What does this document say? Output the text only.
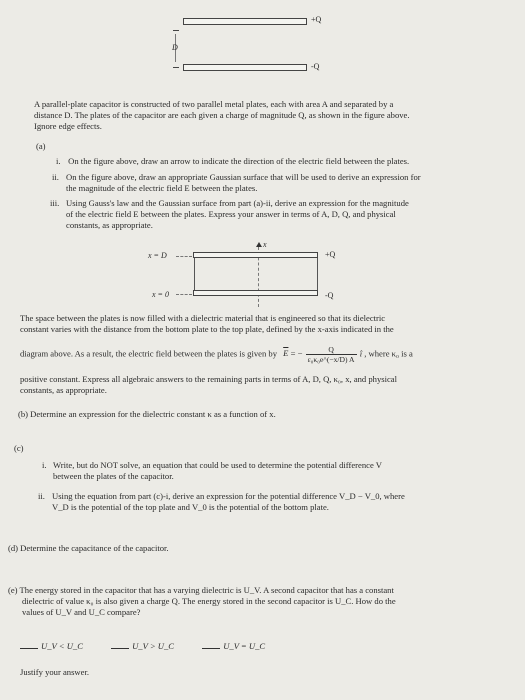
+Q
D
-Q
A parallel-plate capacitor is constructed of two parallel metal plates, each with area A and separated by a
distance D. The plates of the capacitor are each given a charge of magnitude Q, as shown in the figure above.
Ignore edge effects.
(a)
i. On the figure above, draw an arrow to indicate the direction of the electric field between the plates.
ii. On the figure above, draw an appropriate Gaussian surface that will be used to derive an expression for
the magnitude of the electric field E between the plates.
iii. Using Gauss's law and the Gaussian surface from part (a)-ii, derive an expression for the magnitude
of the electric field E between the plates. Express your answer in terms of A, D, Q, and physical
constants, as appropriate.
x
x = D	+Q
x = 0	-Q
The space between the plates is now filled with a dielectric material that is engineered so that its dielectric
constant varies with the distance from the bottom plate to the top plate, defined by the x-axis indicated in the
diagram above. As a result, the electric field between the plates is given by $\overline{E}$ = − $\frac{Q}{\text{ε₀κ₀e\textasciicircum{}(−x/D) A}}$ î , where κ₀ is a
positive constant. Express all algebraic answers to the remaining parts in terms of A, D, Q, κ₀, x, and physical
constants, as appropriate.
(b) Determine an expression for the dielectric constant κ as a function of x.
(c)
i. Write, but do NOT solve, an equation that could be used to determine the potential difference V
between the plates of the capacitor.
ii. Using the equation from part (c)-i, derive an expression for the potential difference V_D − V_0, where
V_D is the potential of the top plate and V_0 is the potential of the bottom plate.
(d) Determine the capacitance of the capacitor.
(e) The energy stored in the capacitor that has a varying dielectric is U_V. A second capacitor that has a constant
dielectric of value κ₀ is also given a charge Q. The energy stored in the second capacitor is U_C. How do the
values of U_V and U_C compare?
U_V < U_C	U_V > U_C	U_V = U_C
Justify your answer.
